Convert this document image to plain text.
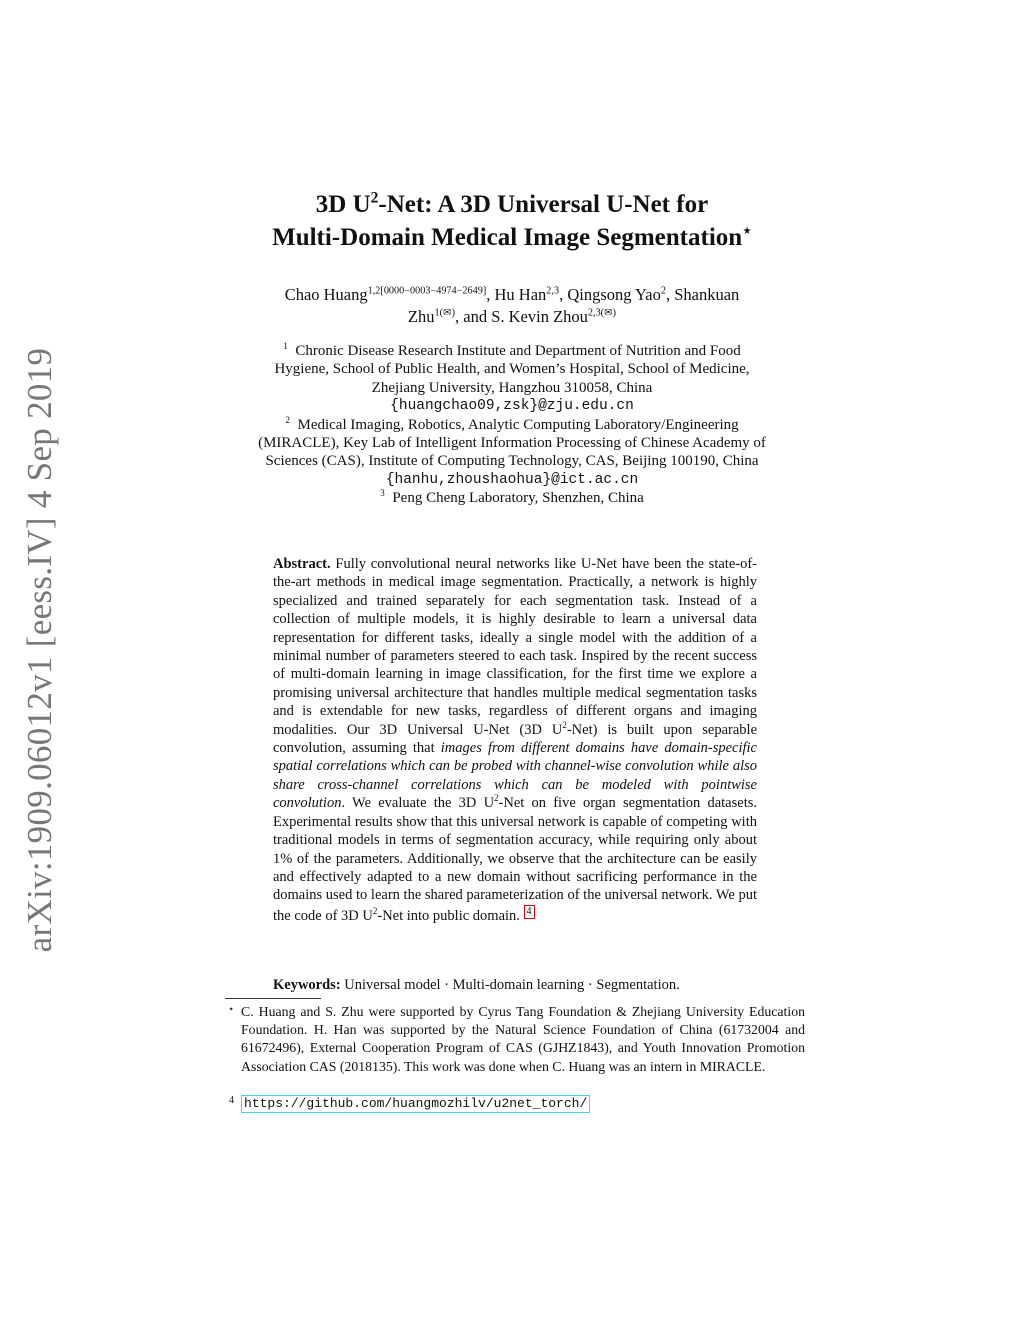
arXiv:1909.06012v1 [eess.IV] 4 Sep 2019
3D $U^2$-Net: A 3D Universal U-Net for
Multi-Domain Medical Image Segmentation⋆
Chao Huang$^{1,2[0000-0003-4974-2649]}$, Hu Han$^{2,3}$, Qingsong Yao$^2$, Shankuan
Zhu$^{1(✉)}$, and S. Kevin Zhou$^{2,3(✉)}$
$^1$ Chronic Disease Research Institute and Department of Nutrition and Food
Hygiene, School of Public Health, and Women’s Hospital, School of Medicine,
Zhejiang University, Hangzhou 310058, China
{huangchao09,zsk}@zju.edu.cn
$^2$ Medical Imaging, Robotics, Analytic Computing Laboratory/Engineering
(MIRACLE), Key Lab of Intelligent Information Processing of Chinese Academy of
Sciences (CAS), Institute of Computing Technology, CAS, Beijing 100190, China
{hanhu,zhoushaohua}@ict.ac.cn
$^3$ Peng Cheng Laboratory, Shenzhen, China
Abstract. Fully convolutional neural networks like U-Net have been the state-of-the-art methods in medical image segmentation. Practically, a network is highly specialized and trained separately for each segmentation task. Instead of a collection of multiple models, it is highly desirable to learn a universal data representation for different tasks, ideally a single model with the addition of a minimal number of parameters steered to each task. Inspired by the recent success of multi-domain learning in image classification, for the first time we explore a promising universal architecture that handles multiple medical segmentation tasks and is extendable for new tasks, regardless of different organs and imaging modalities. Our 3D Universal U-Net (3D $U^2-Net$) is built upon separable convolution, assuming that images from different domains have domain-specific spatial correlations which can be probed with channel-wise convolution while also share cross-channel correlations which can be modeled with pointwise convolution. We evaluate the 3D $U^2$-Net on five organ segmentation datasets. Experimental results show that this universal network is capable of competing with traditional models in terms of segmentation accuracy, while requiring only about 1% of the parameters. Additionally, we observe that the architecture can be easily and effectively adapted to a new domain without sacrificing performance in the domains used to learn the shared parameterization of the universal network. We put the code of 3D $U^2$-Net into public domain. 4
Keywords: Universal model · Multi-domain learning · Segmentation.
⋆ C. Huang and S. Zhu were supported by Cyrus Tang Foundation & Zhejiang University Education Foundation. H. Han was supported by the Natural Science Foundation of China (61732004 and 61672496), External Cooperation Program of CAS (GJHZ1843), and Youth Innovation Promotion Association CAS (2018135). This work was done when C. Huang was an intern in MIRACLE.
4 https://github.com/huangmozhilv/u2net_torch/
